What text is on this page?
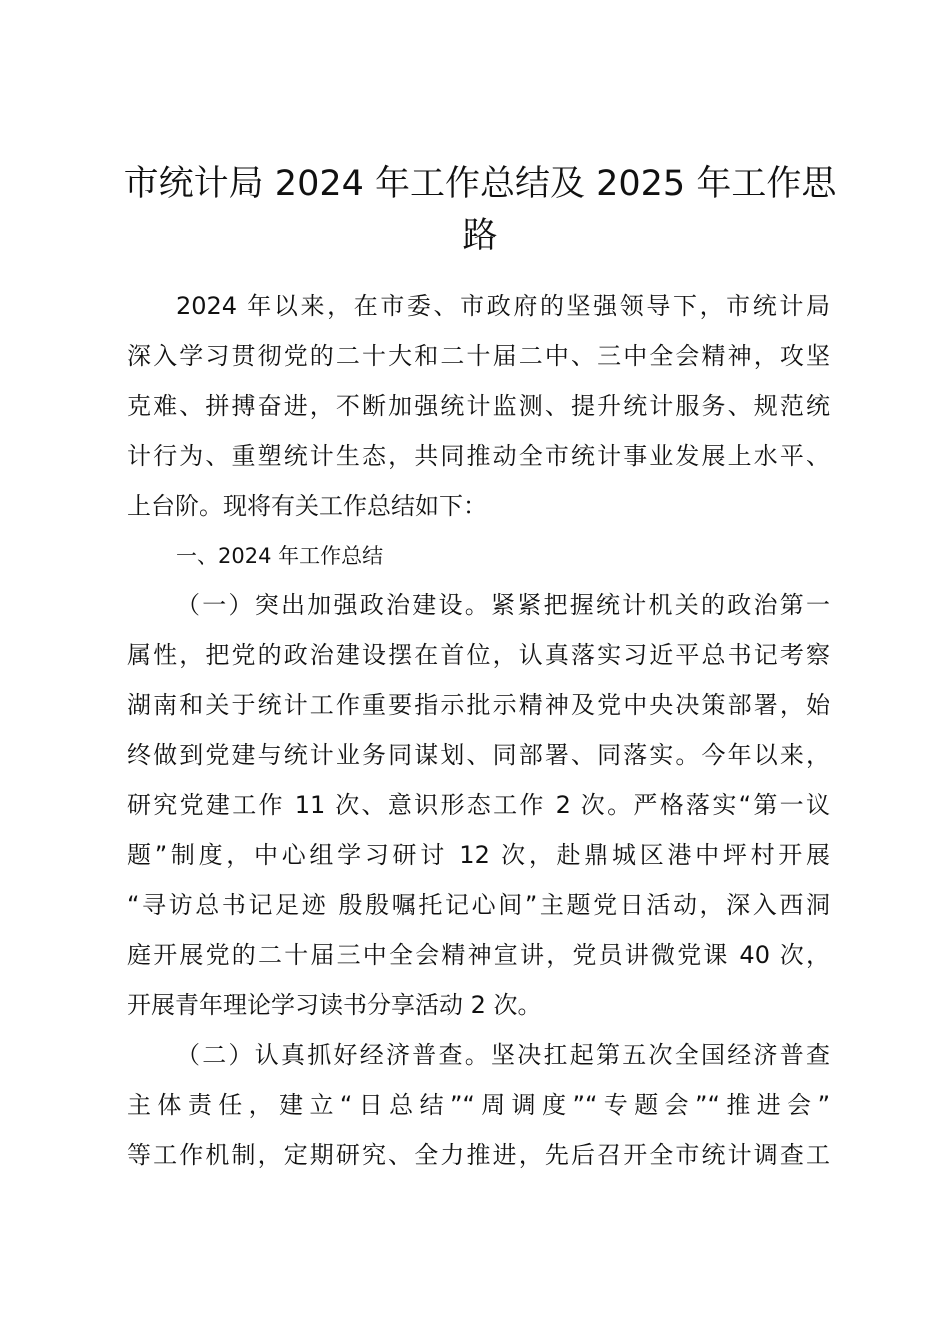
市统计局 2024 年工作总结及 2025 年工作思
路
2024 年以来，在市委、市政府的坚强领导下，市统计局
深入学习贯彻党的二十大和二十届二中、三中全会精神，攻坚
克难、拼搏奋进，不断加强统计监测、提升统计服务、规范统
计行为、重塑统计生态，共同推动全市统计事业发展上水平、
上台阶。现将有关工作总结如下：
一、2024 年工作总结
（一）突出加强政治建设。紧紧把握统计机关的政治第一
属性，把党的政治建设摆在首位，认真落实习近平总书记考察
湖南和关于统计工作重要指示批示精神及党中央决策部署，始
终做到党建与统计业务同谋划、同部署、同落实。今年以来，
研究党建工作 11 次、意识形态工作 2 次。严格落实“第一议
题”制度，中心组学习研讨 12 次，赴鼎城区港中坪村开展
“寻访总书记足迹 殷殷嘱托记心间”主题党日活动，深入西洞
庭开展党的二十届三中全会精神宣讲，党员讲微党课 40 次，
开展青年理论学习读书分享活动 2 次。
（二）认真抓好经济普查。坚决扛起第五次全国经济普查
主体责任，建立“日总结”“周调度”“专题会”“推进会”
等工作机制，定期研究、全力推进，先后召开全市统计调查工
